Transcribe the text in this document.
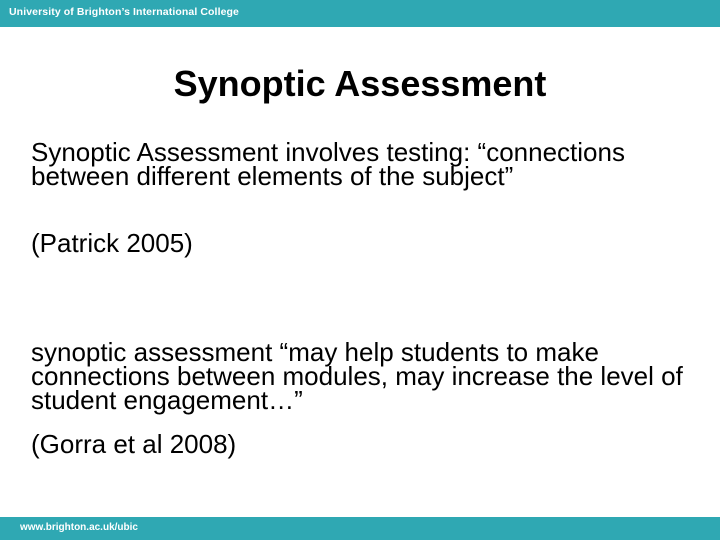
University of Brighton’s International College
Synoptic Assessment
Synoptic Assessment involves testing: “connections between different elements of the subject”
(Patrick 2005)
synoptic assessment “may help students to make connections between modules, may increase the level of student engagement…”
(Gorra et al 2008)
www.brighton.ac.uk/ubic
